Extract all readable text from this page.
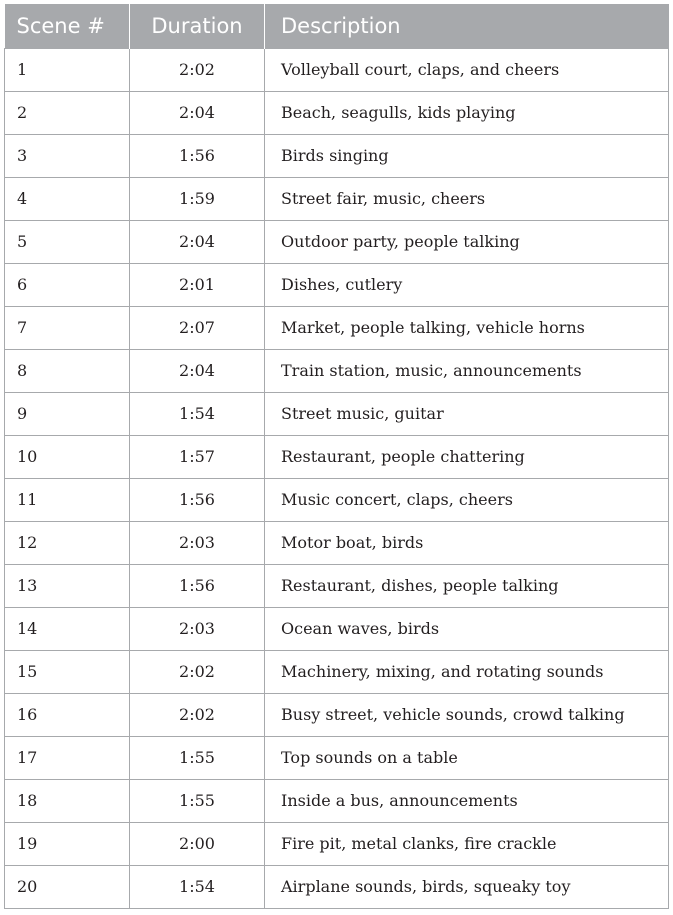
Scene #	Duration	Description
1	2:02	Volleyball court, claps, and cheers
2	2:04	Beach, seagulls, kids playing
3	1:56	Birds singing
4	1:59	Street fair, music, cheers
5	2:04	Outdoor party, people talking
6	2:01	Dishes, cutlery
7	2:07	Market, people talking, vehicle horns
8	2:04	Train station, music, announcements
9	1:54	Street music, guitar
10	1:57	Restaurant, people chattering
11	1:56	Music concert, claps, cheers
12	2:03	Motor boat, birds
13	1:56	Restaurant, dishes, people talking
14	2:03	Ocean waves, birds
15	2:02	Machinery, mixing, and rotating sounds
16	2:02	Busy street, vehicle sounds, crowd talking
17	1:55	Top sounds on a table
18	1:55	Inside a bus, announcements
19	2:00	Fire pit, metal clanks, fire crackle
20	1:54	Airplane sounds, birds, squeaky toy
